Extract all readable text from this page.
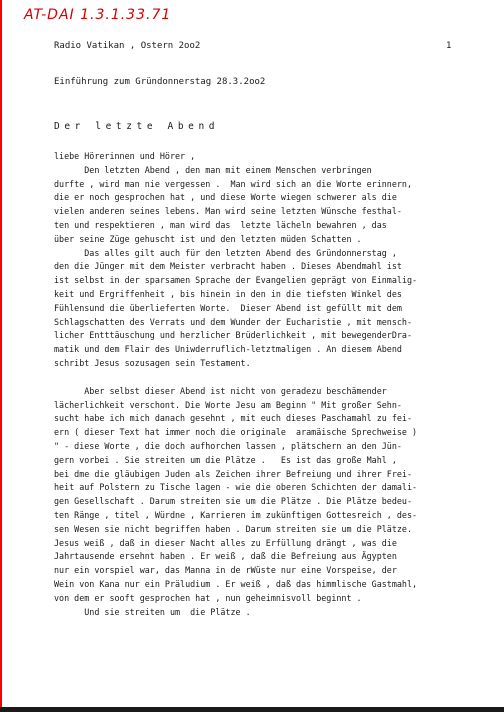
AT-DAI 1.3.1.33.71
Radio Vatikan , Ostern 2oo2	1
Einführung zum Gründonnerstag 28.3.2oo2
Der letzte Abend
liebe Hörerinnen und Hörer ,
Den letzten Abend , den man mit einem Menschen verbringen
durfte , wird man nie vergessen .  Man wird sich an die Worte erinnern,
die er noch gesprochen hat , und diese Worte wiegen schwerer als die
vielen anderen seines lebens. Man wird seine letzten Wünsche festhal-
ten und respektieren , man wird das  letzte lächeln bewahren , das
über seine Züge gehuscht ist und den letzten müden Schatten .
Das alles gilt auch für den letzten Abend des Gründonnerstag ,
den die Jünger mit dem Meister verbracht haben . Dieses Abendmahl ist
ist selbst in der sparsamen Sprache der Evangelien geprägt von Einmalig-
keit und Ergriffenheit , bis hinein in den in die tiefsten Winkel des
Fühlensund die überlieferten Worte.  Dieser Abend ist gefüllt mit dem
Schlagschatten des Verrats und dem Wunder der Eucharistie , mit mensch-
licher Entttäuschung und herzlicher Brüderlichkeit , mit bewegenderDra-
matik und dem Flair des Uniwderruflich-letztmaligen . An diesem Abend
schribt Jesus sozusagen sein Testament.
Aber selbst dieser Abend ist nicht von geradezu beschämender
lächerlichkeit verschont. Die Worte Jesu am Beginn " Mit großer Sehn-
sucht habe ich mich danach gesehnt , mit euch dieses Paschamahl zu fei-
ern ( dieser Text hat immer noch die originale  aramäische Sprechweise )
" - diese Worte , die doch aufhorchen lassen , plätschern an den Jün-
gern vorbei . Sie streiten um die Plätze .   Es ist das große Mahl ,
bei dme die gläubigen Juden als Zeichen ihrer Befreiung und ihrer Frei-
heit auf Polstern zu Tische lagen - wie die oberen Schichten der damali-
gen Gesellschaft . Darum streiten sie um die Plätze . Die Plätze bedeu-
ten Ränge , titel , Würdne , Karrieren im zukünftigen Gottesreich , des-
sen Wesen sie nicht begriffen haben . Darum streiten sie um die Plätze.
Jesus weiß , daß in dieser Nacht alles zu Erfüllung drängt , was die
Jahrtausende ersehnt haben . Er weiß , daß die Befreiung aus Ägypten
nur ein vorspiel war, das Manna in de rWüste nur eine Vorspeise, der
Wein von Kana nur ein Präludium . Er weiß , daß das himmlische Gastmahl,
von dem er sooft gesprochen hat , nun geheimnisvoll beginnt .
Und sie streiten um  die Plätze .
